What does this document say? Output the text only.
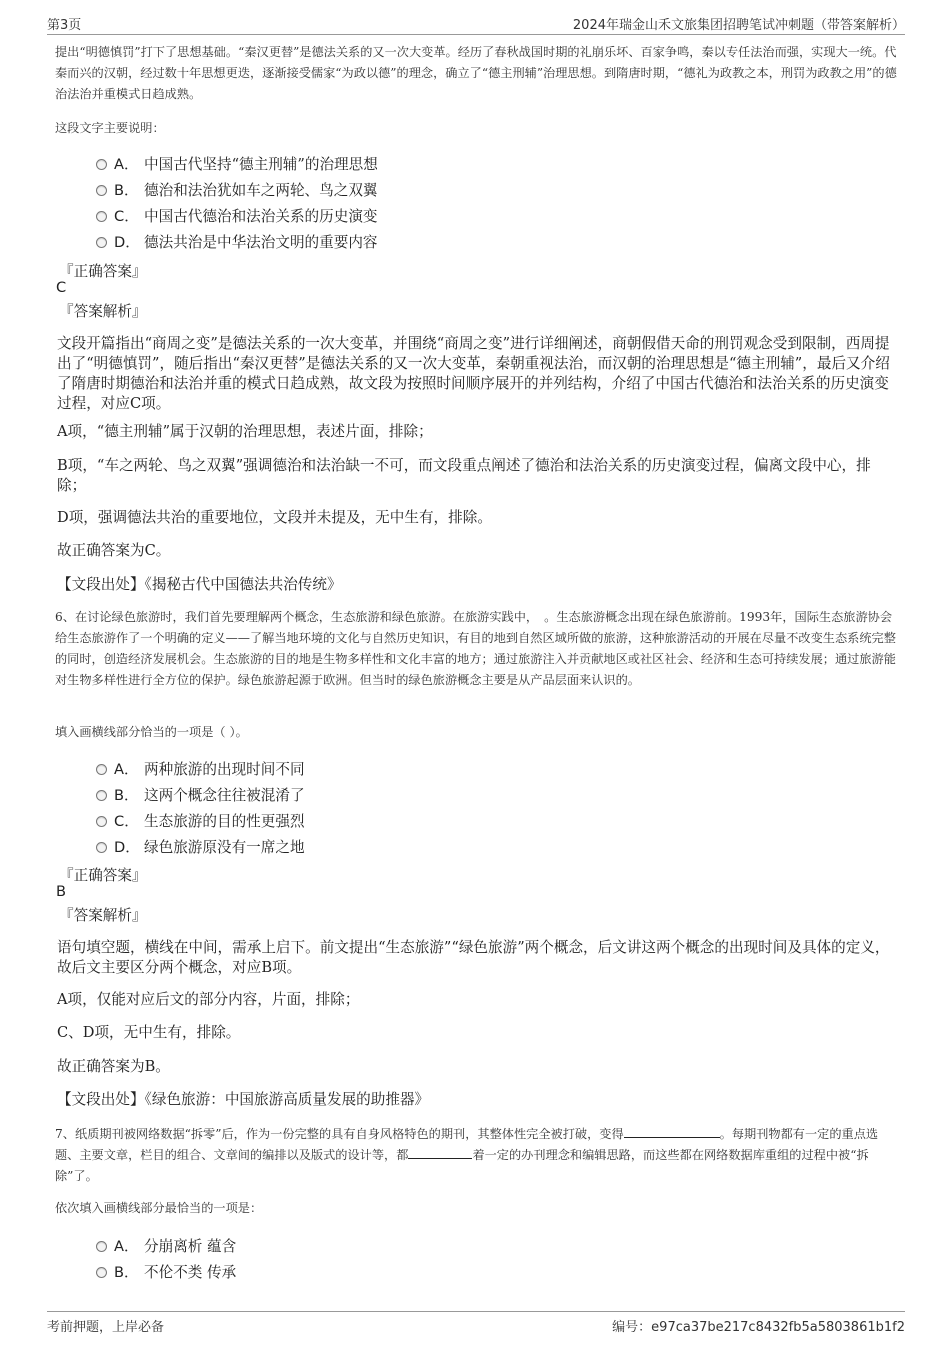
第3页	2024年瑞金山禾文旅集团招聘笔试冲刺题（带答案解析）
提出“明德慎罚”打下了思想基础。“秦汉更替”是德法关系的又一次大变革。经历了春秋战国时期的礼崩乐坏、百家争鸣，秦以专任法治而强，实现大一统。代秦而兴的汉朝，经过数十年思想更迭，逐渐接受儒家“为政以德”的理念，确立了“德主刑辅”治理思想。到隋唐时期，“德礼为政教之本，刑罚为政教之用”的德治法治并重模式日趋成熟。
这段文字主要说明：
A． 中国古代坚持“德主刑辅”的治理思想
B． 德治和法治犹如车之两轮、鸟之双翼
C． 中国古代德治和法治关系的历史演变
D． 德法共治是中华法治文明的重要内容
『正确答案』
C
『答案解析』
文段开篇指出“商周之变”是德法关系的一次大变革，并围绕“商周之变”进行详细阐述，商朝假借天命的刑罚观念受到限制，西周提出了“明德慎罚”，随后指出“秦汉更替”是德法关系的又一次大变革，秦朝重视法治，而汉朝的治理思想是“德主刑辅”，最后又介绍了隋唐时期德治和法治并重的模式日趋成熟，故文段为按照时间顺序展开的并列结构，介绍了中国古代德治和法治关系的历史演变过程，对应C项。
A项，“德主刑辅”属于汉朝的治理思想，表述片面，排除；
B项，“车之两轮、鸟之双翼”强调德治和法治缺一不可，而文段重点阐述了德治和法治关系的历史演变过程，偏离文段中心，排除；
D项，强调德法共治的重要地位，文段并未提及，无中生有，排除。
故正确答案为C。
【文段出处】《揭秘古代中国德法共治传统》
6、在讨论绿色旅游时，我们首先要理解两个概念，生态旅游和绿色旅游。在旅游实践中，　。生态旅游概念出现在绿色旅游前。1993年，国际生态旅游协会给生态旅游作了一个明确的定义——了解当地环境的文化与自然历史知识，有目的地到自然区域所做的旅游，这种旅游活动的开展在尽量不改变生态系统完整的同时，创造经济发展机会。生态旅游的目的地是生物多样性和文化丰富的地方；通过旅游注入并贡献地区或社区社会、经济和生态可持续发展；通过旅游能对生物多样性进行全方位的保护。绿色旅游起源于欧洲。但当时的绿色旅游概念主要是从产品层面来认识的。
填入画横线部分恰当的一项是（ ）。
A． 两种旅游的出现时间不同
B． 这两个概念往往被混淆了
C． 生态旅游的目的性更强烈
D． 绿色旅游原没有一席之地
『正确答案』
B
『答案解析』
语句填空题，横线在中间，需承上启下。前文提出“生态旅游”“绿色旅游”两个概念，后文讲这两个概念的出现时间及具体的定义，故后文主要区分两个概念，对应B项。
A项，仅能对应后文的部分内容，片面，排除；
C、D项，无中生有，排除。
故正确答案为B。
【文段出处】《绿色旅游：中国旅游高质量发展的助推器》
7、纸质期刊被网络数据“拆零”后，作为一份完整的具有自身风格特色的期刊，其整体性完全被打破，变得	。每期刊物都有一定的重点选题、主要文章，栏目的组合、文章间的编排以及版式的设计等，都	着一定的办刊理念和编辑思路，而这些都在网络数据库重组的过程中被“拆除”了。
依次填入画横线部分最恰当的一项是：
A． 分崩离析 蕴含
B． 不伦不类 传承
考前押题，上岸必备	编号：e97ca37be217c8432fb5a5803861b1f2
